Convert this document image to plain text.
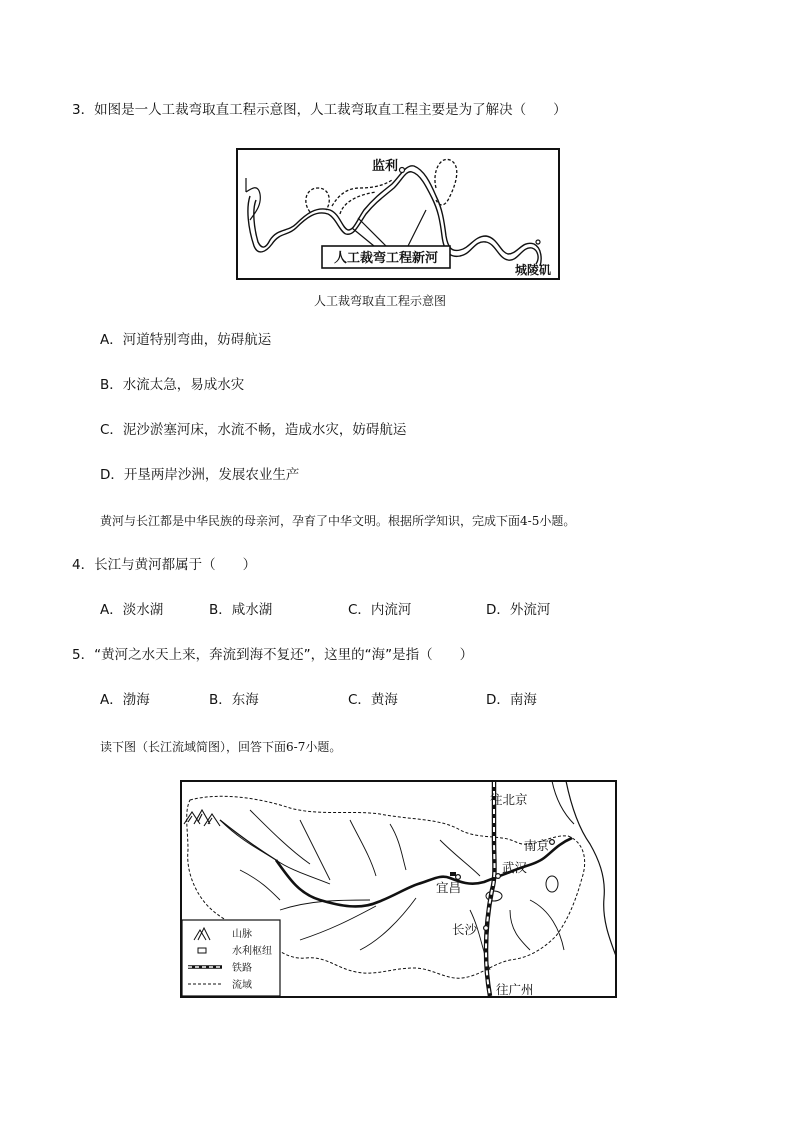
3．如图是一人工裁弯取直工程示意图，人工裁弯取直工程主要是为了解决（　　）
监利
人工裁弯工程新河
城陵矶
人工裁弯取直工程示意图
A．河道特别弯曲，妨碍航运
B．水流太急，易成水灾
C．泥沙淤塞河床，水流不畅，造成水灾，妨碍航运
D．开垦两岸沙洲，发展农业生产
黄河与长江都是中华民族的母亲河，孕育了中华文明。根据所学知识，完成下面4-5小题。
4．长江与黄河都属于（　　）
A．淡水湖	B．咸水湖	C．内流河	D．外流河
5．“黄河之水天上来，奔流到海不复还”，这里的“海”是指（　　）
A．渤海	B．东海	C．黄海	D．南海
读下图（长江流域简图），回答下面6-7小题。
往北京
南京
武汉
宜昌
长沙
往广州
山脉
水利枢纽
铁路
流域
